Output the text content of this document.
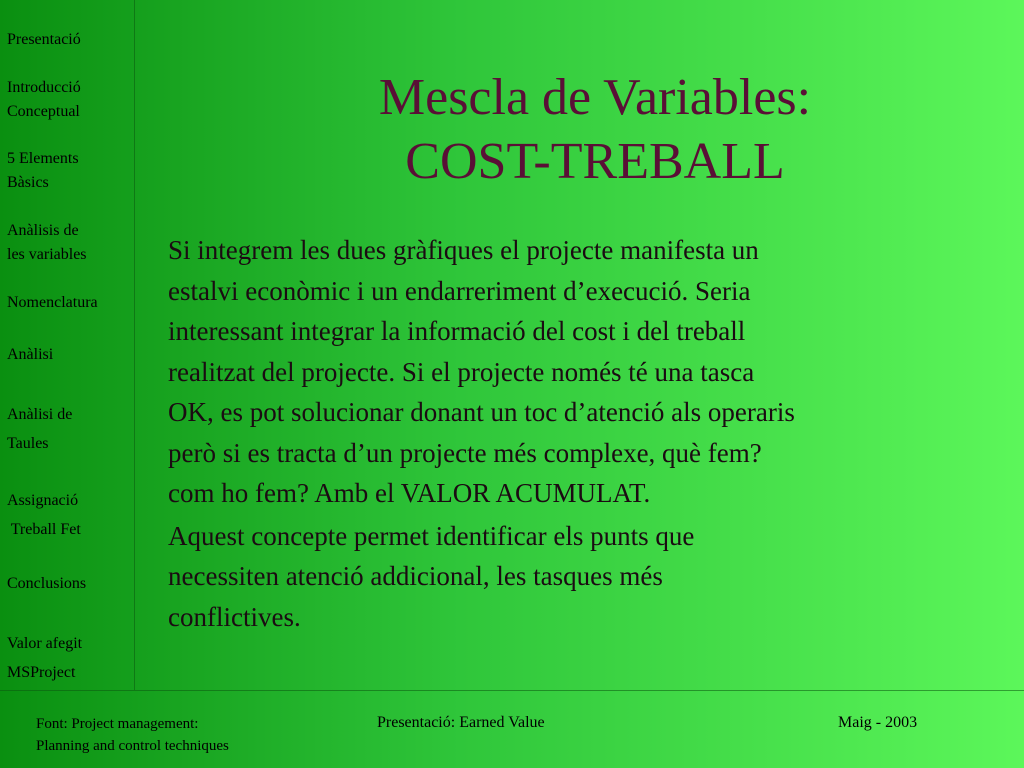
Presentació
Introducció
Conceptual
5 Elements
Bàsics
Anàlisis de
les variables
Nomenclatura
Anàlisi
Anàlisi de
Taules
Assignació
Treball Fet
Conclusions
Valor afegit
MSProject
Mescla de Variables:
COST-TREBALL
Si integrem les dues gràfiques el projecte manifesta un
estalvi econòmic i un endarreriment d’execució. Seria
interessant integrar la informació del cost i del treball
realitzat del projecte. Si el projecte només té una tasca
OK, es pot solucionar donant un toc d’atenció als operaris
però si es tracta d’un projecte més complexe, què fem?
com ho fem? Amb el VALOR ACUMULAT.
Aquest concepte permet identificar els punts que
necessiten atenció addicional, les tasques més
conflictives.
Font: Project management:
Planning and control techniques
Presentació: Earned Value	Maig - 2003
